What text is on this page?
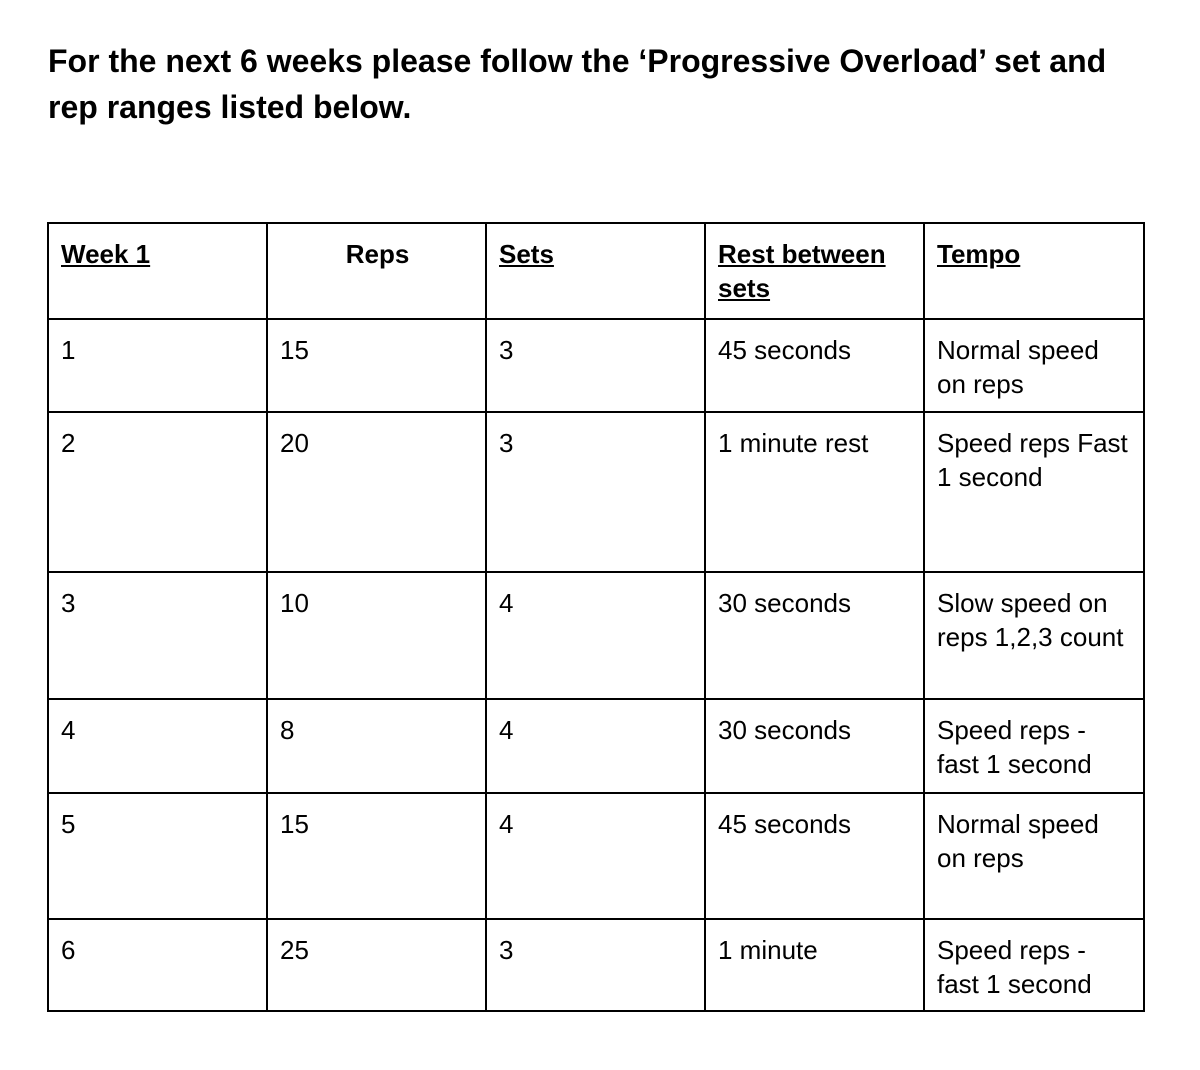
For the next 6 weeks please follow the ‘Progressive Overload’ set and rep ranges listed below.

Week 1	Reps	Sets	Rest between sets	Tempo
1	15	3	45 seconds	Normal speed on reps
2	20	3	1 minute rest	Speed reps Fast 1 second
3	10	4	30 seconds	Slow speed on reps 1,2,3 count
4	8	4	30 seconds	Speed reps - fast 1 second
5	15	4	45 seconds	Normal speed on reps
6	25	3	1 minute	Speed reps - fast 1 second
